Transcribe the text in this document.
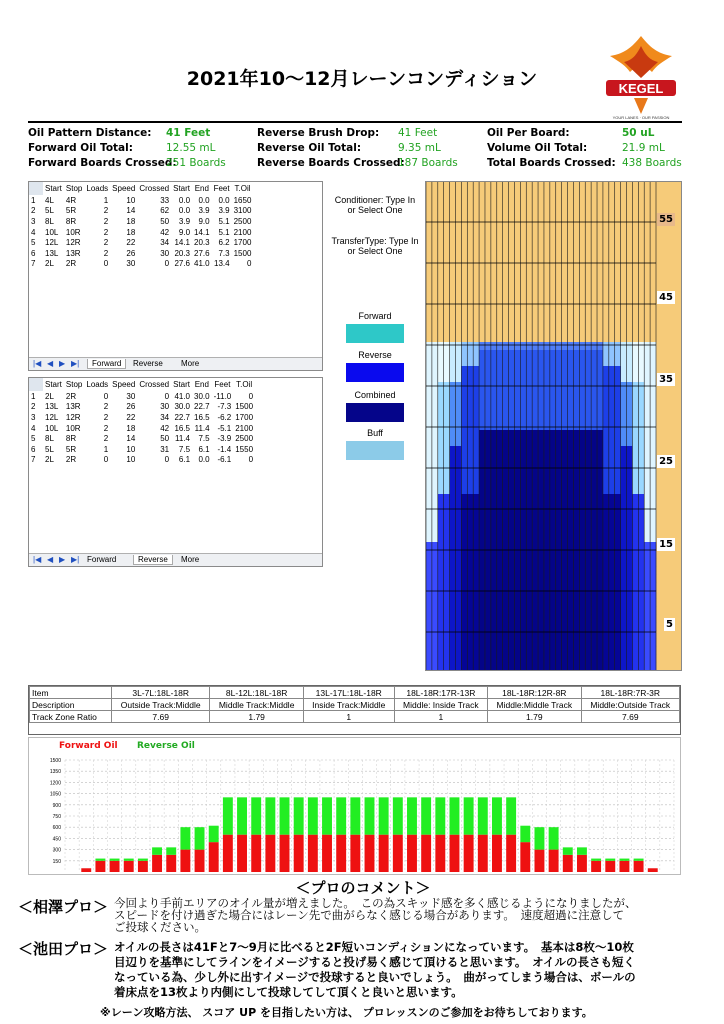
2021年10～12月レーンコンディション	KEGEL
YOUR LANES · OUR PASSION
Oil Pattern Distance: 41 Feet	Reverse Brush Drop: 41 Feet	Oil Per Board:	50 uL
Forward Oil Total:	12.55 mL	Reverse Oil Total:	9.35 mL	Volume Oil Total:	21.9 mL
Forward Boards Crossed:
251 Boards	Reverse Boards Crossed:
187 Boards	Total Boards Crossed: 438 Boards
	Start	Stop	Loads	Speed	Crossed	Start	End	Feet	T.Oil
1	4L	4R	1	10	33	0.0	0.0	0.0	1650
2	5L	5R	2	14	62	0.0	3.9	3.9	3100
3	8L	8R	2	18	50	3.9	9.0	5.1	2500
4	10L	10R	2	18	42	9.0	14.1	5.1	2100
5	12L	12R	2	22	34	14.1	20.3	6.2	1700
6	13L	13R	2	26	30	20.3	27.6	7.3	1500
7	2L	2R	0	30	0	27.6	41.0	13.4	0
|◀ ◀ ▶ ▶|	Forward	Reverse More
	Start	Stop	Loads	Speed	Crossed	Start	End	Feet	T.Oil
1	2L	2R	0	30	0	41.0	30.0	-11.0	0
2	13L	13R	2	26	30	30.0	22.7	-7.3	1500
3	12L	12R	2	22	34	22.7	16.5	-6.2	1700
4	10L	10R	2	18	42	16.5	11.4	-5.1	2100
5	8L	8R	2	14	50	11.4	7.5	-3.9	2500
6	5L	5R	1	10	31	7.5	6.1	-1.4	1550
7	2L	2R	0	10	0	6.1	0.0	-6.1	0
|◀ ◀ ▶ ▶| Forward	Reverse	More
Conditioner: Type In or Select One
TransferType: Type In or Select One
Forward
Reverse
Combined
Buff
55
45
35
25
15
5
Item	3L-7L:18L-18R	8L-12L:18L-18R	13L-17L:18L-18R	18L-18R:17R-13R	18L-18R:12R-8R	18L-18R:7R-3R
Description	Outside Track:Middle	Middle Track:Middle	Inside Track:Middle	Middle: Inside Track	Middle:Middle Track	Middle:Outside Track
Track Zone Ratio	7.69	1.79	1	1	1.79	7.69
Forward Oil Reverse Oil
1500
1350
1200
1050
900
750
600
450
300
150
＜プロのコメント＞
＜相澤プロ＞ 今回より手前エリアのオイル量が増えました。　この為スキッド感を多く感じるようになりましたが、
スピードを付け過ぎた場合にはレーン先で曲がらなく感じる場合があります。　速度超過に注意して
ご投球ください。
＜池田プロ＞ オイルの長さは41Fと7～9月に比べると2F短いコンディションになっています。　基本は8枚～10枚
目辺りを基準にしてラインをイメージすると投げ易く感じて頂けると思います。　オイルの長さも短く
なっている為、少し外に出すイメージで投球すると良いでしょう。　曲がってしまう場合は、ボールの
着床点を13枚より内側にして投球してして頂くと良いと思います。
※レーン攻略方法、 スコア UP を目指したい方は、 プロレッスンのご参加をお待ちしております。
